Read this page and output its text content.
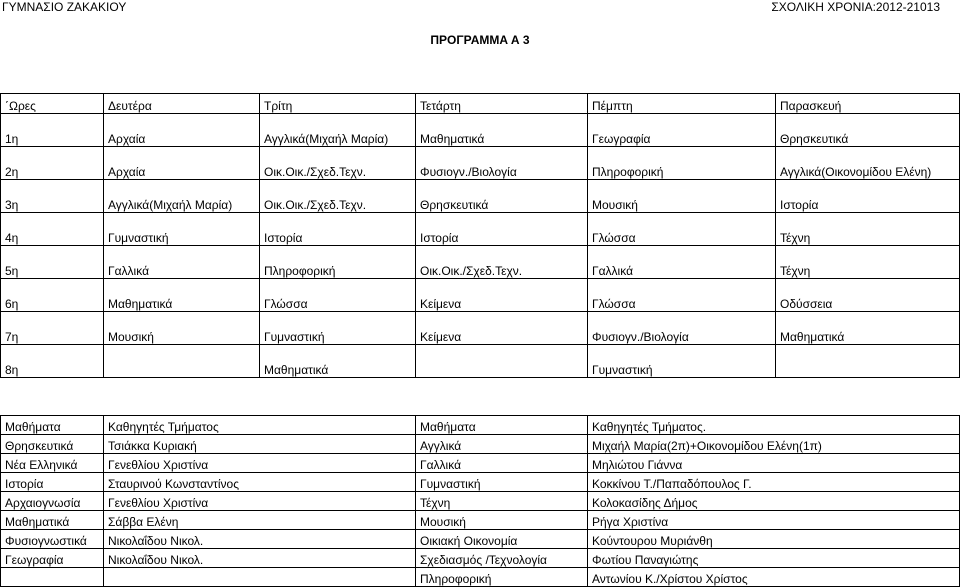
ΓΥΜΝΑΣΙΟ ΖΑΚΑΚΙΟΥ	ΣΧΟΛΙΚΗ ΧΡΟΝΙΑ:2012-21013
ΠΡΟΓΡΑΜΜΑ Α 3
΄Ωρες	Δευτέρα	Τρίτη	Τετάρτη	Πέμπτη	Παρασκευή
1η	Αρχαία	Αγγλικά(Μιχαήλ Μαρία)	Μαθηματικά	Γεωγραφία	Θρησκευτικά
2η	Αρχαία	Οικ.Οικ./Σχεδ.Τεχν.	Φυσιογν./Βιολογία	Πληροφορική	Αγγλικά(Οικονομίδου Ελένη)
3η	Αγγλικά(Μιχαήλ Μαρία)	Οικ.Οικ./Σχεδ.Τεχν.	Θρησκευτικά	Μουσική	Ιστορία
4η	Γυμναστική	Ιστορία	Ιστορία	Γλώσσα	Τέχνη
5η	Γαλλικά	Πληροφορική	Οικ.Οικ./Σχεδ.Τεχν.	Γαλλικά	Τέχνη
6η	Μαθηματικά	Γλώσσα	Κείμενα	Γλώσσα	Οδύσσεια
7η	Μουσική	Γυμναστική	Κείμενα	Φυσιογν./Βιολογία	Μαθηματικά
8η		Μαθηματικά		Γυμναστική	
Μαθήματα	Καθηγητές Τμήματος	Μαθήματα	Καθηγητές Τμήματος.
Θρησκευτικά	Τσιάκκα Κυριακή	Αγγλικά	Μιχαήλ Μαρία(2π)+Οικονομίδου Ελένη(1π)
Νέα Ελληνικά	Γενεθλίου Χριστίνα	Γαλλικά	Μηλιώτου Γιάννα
Ιστορία	Σταυρινού Κωνσταντίνος	Γυμναστική	Κοκκίνου Τ./Παπαδόπουλος Γ.
Αρχαιογνωσία	Γενεθλίου Χριστίνα	Τέχνη	Κολοκασίδης Δήμος
Μαθηματικά	Σάββα Ελένη	Μουσική	Ρήγα Χριστίνα
Φυσιογνωστικά	Νικολαΐδου Νικολ.	Οικιακή Οικονομία	Κούντουρου Μυριάνθη
Γεωγραφία	Νικολαΐδου Νικολ.	Σχεδιασμός /Τεχνολογία	Φωτίου Παναγιώτης
		Πληροφορική	Αντωνίου Κ./Χρίστου Χρίστος
